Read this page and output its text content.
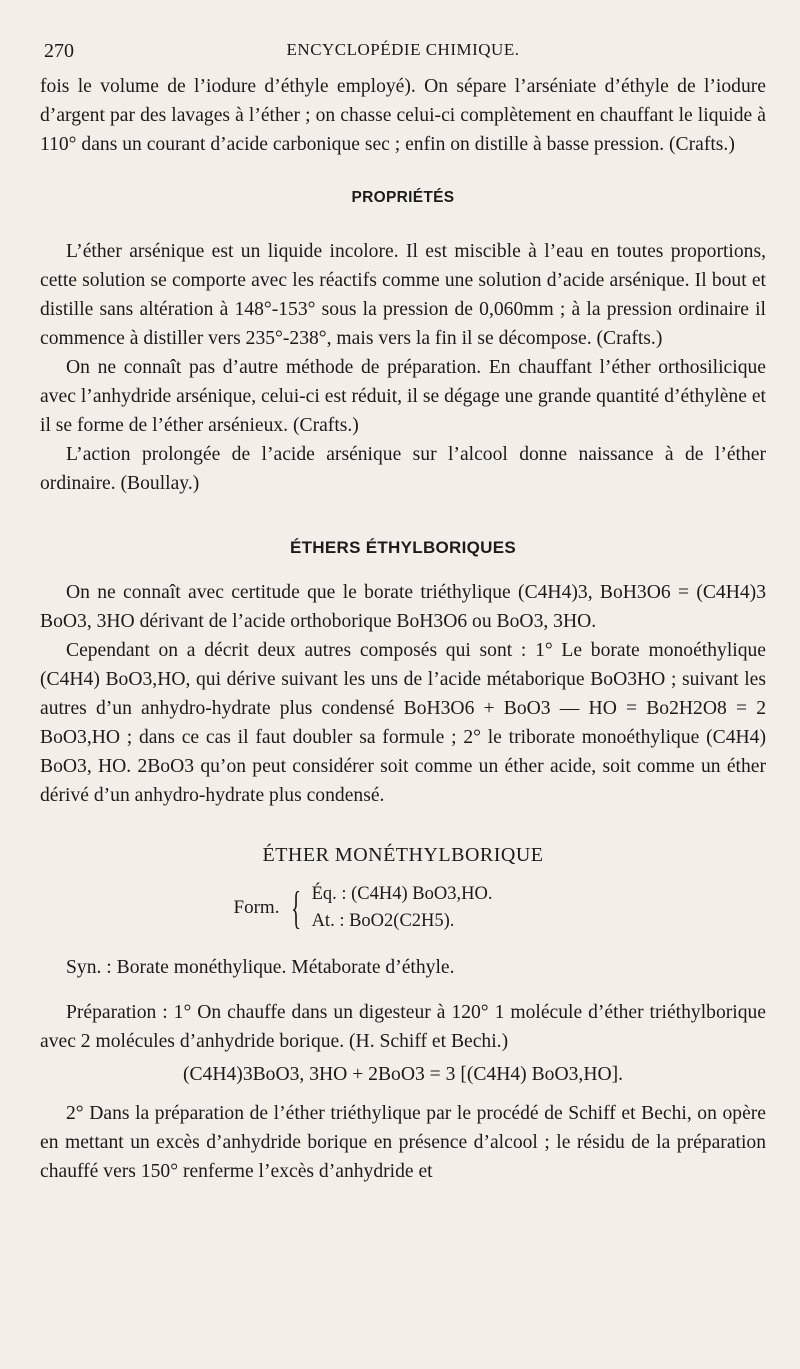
270	ENCYCLOPÉDIE CHIMIQUE.

fois le volume de l’iodure d’éthyle employé). On sépare l’arséniate d’éthyle de l’iodure d’argent par des lavages à l’éther ; on chasse celui-ci complètement en chauffant le liquide à 110° dans un courant d’acide carbonique sec ; enfin on distille à basse pression. (Crafts.)

PROPRIÉTÉS

L’éther arsénique est un liquide incolore. Il est miscible à l’eau en toutes proportions, cette solution se comporte avec les réactifs comme une solution d’acide arsénique. Il bout et distille sans altération à 148°-153° sous la pression de 0,060mm ; à la pression ordinaire il commence à distiller vers 235°-238°, mais vers la fin il se décompose. (Crafts.)

On ne connaît pas d’autre méthode de préparation. En chauffant l’éther orthosilicique avec l’anhydride arsénique, celui-ci est réduit, il se dégage une grande quantité d’éthylène et il se forme de l’éther arsénieux. (Crafts.)

L’action prolongée de l’acide arsénique sur l’alcool donne naissance à de l’éther ordinaire. (Boullay.)

ÉTHERS ÉTHYLBORIQUES

On ne connaît avec certitude que le borate triéthylique (C4H4)3, BoH3O6 = (C4H4)3 BoO3, 3HO dérivant de l’acide orthoborique BoH3O6 ou BoO3, 3HO.

Cependant on a décrit deux autres composés qui sont : 1° Le borate monoéthylique (C4H4) BoO3,HO, qui dérive suivant les uns de l’acide métaborique BoO3HO ; suivant les autres d’un anhydro-hydrate plus condensé BoH3O6 + BoO3 — HO = Bo2H2O8 = 2 BoO3,HO ; dans ce cas il faut doubler sa formule ; 2° le triborate monoéthylique (C4H4) BoO3, HO. 2BoO3 qu’on peut considérer soit comme un éther acide, soit comme un éther dérivé d’un anhydro-hydrate plus condensé.

ÉTHER MONÉTHYLBORIQUE
Form. { Éq. : (C4H4) BoO3,HO.
At. : BoO2(C2H5).

Syn. : Borate monéthylique. Métaborate d’éthyle.

Préparation : 1° On chauffe dans un digesteur à 120° 1 molécule d’éther triéthylborique avec 2 molécules d’anhydride borique. (H. Schiff et Bechi.)

(C4H4)3BoO3, 3HO + 2BoO3 = 3 [(C4H4) BoO3,HO].

2° Dans la préparation de l’éther triéthylique par le procédé de Schiff et Bechi, on opère en mettant un excès d’anhydride borique en présence d’alcool ; le résidu de la préparation chauffé vers 150° renferme l’excès d’anhydride et
